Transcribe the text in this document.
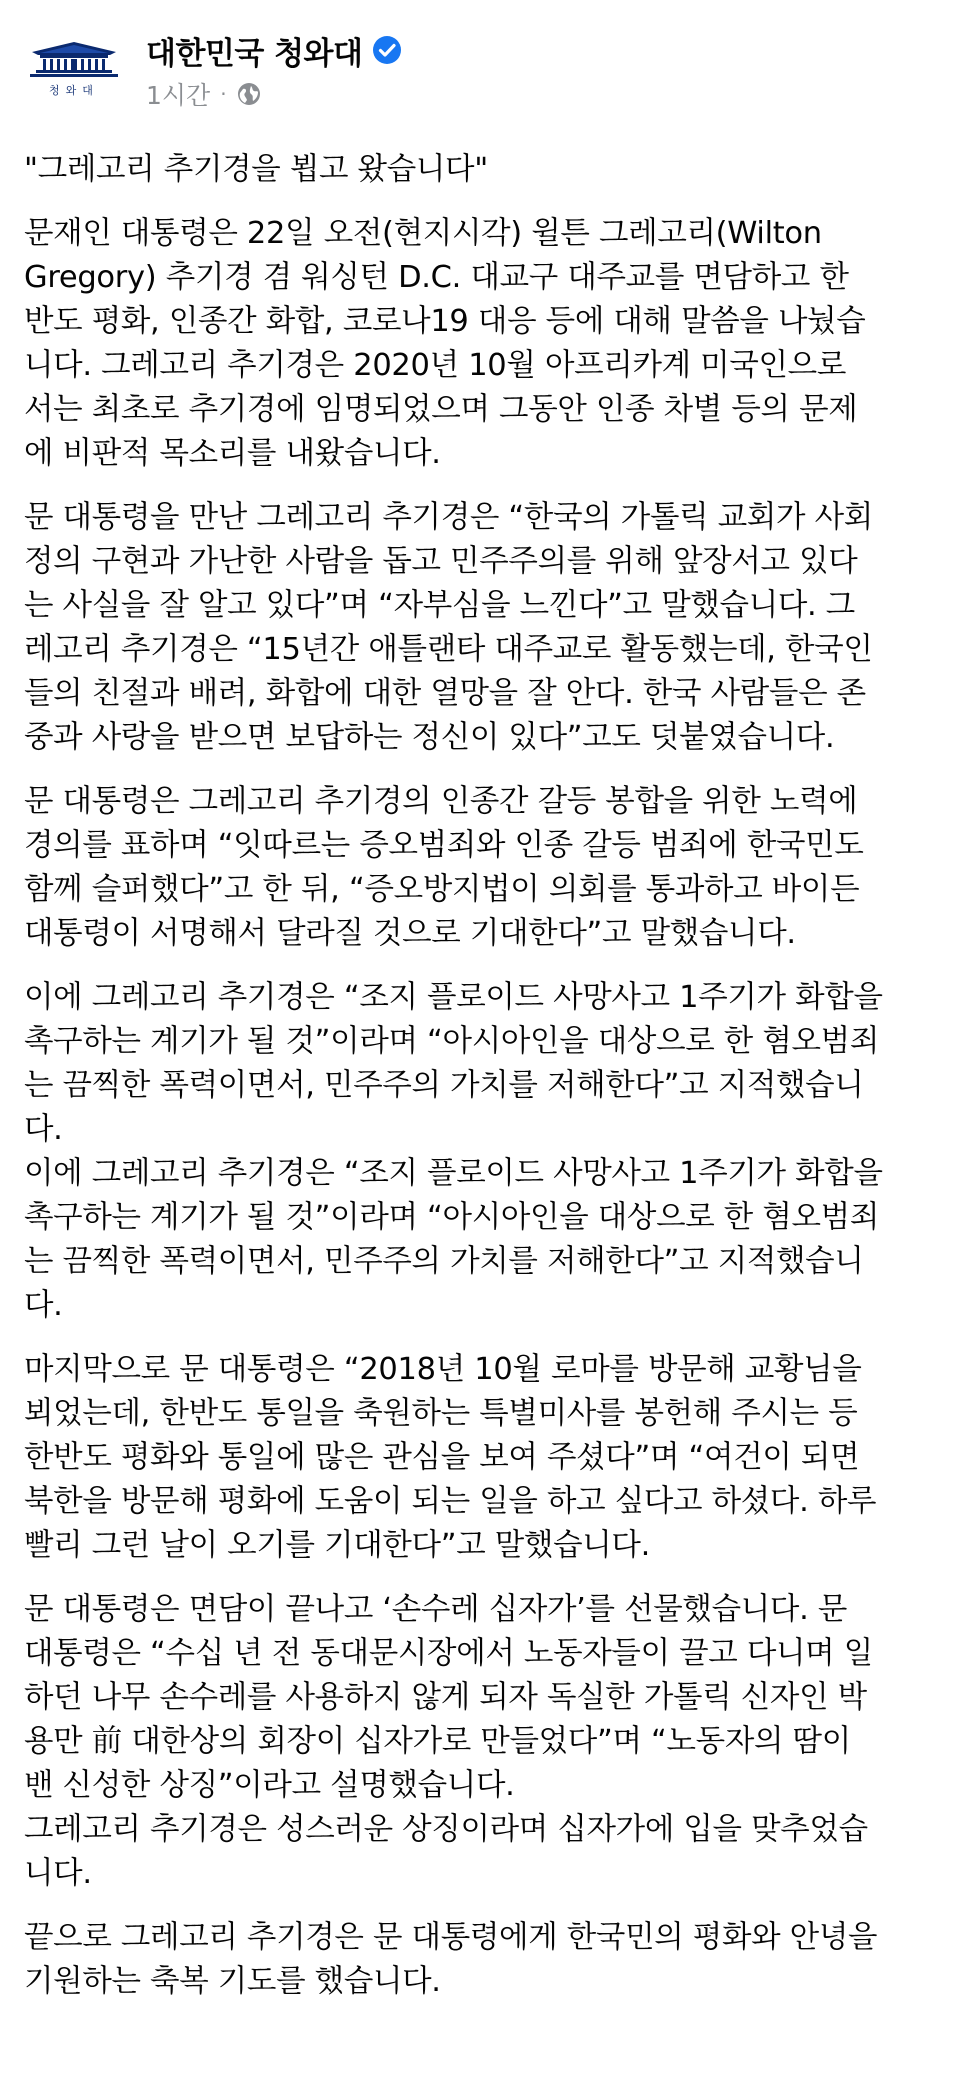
청와대
대한민국 청와대
1시간 ·

"그레고리 추기경을 뵙고 왔습니다"

문재인 대통령은 22일 오전(현지시각) 윌튼 그레고리(Wilton
Gregory) 추기경 겸 워싱턴 D.C. 대교구 대주교를 면담하고 한
반도 평화, 인종간 화합, 코로나19 대응 등에 대해 말씀을 나눴습
니다. 그레고리 추기경은 2020년 10월 아프리카계 미국인으로
서는 최초로 추기경에 임명되었으며 그동안 인종 차별 등의 문제
에 비판적 목소리를 내왔습니다.

문 대통령을 만난 그레고리 추기경은 “한국의 가톨릭 교회가 사회
정의 구현과 가난한 사람을 돕고 민주주의를 위해 앞장서고 있다
는 사실을 잘 알고 있다”며 “자부심을 느낀다”고 말했습니다. 그
레고리 추기경은 “15년간 애틀랜타 대주교로 활동했는데, 한국인
들의 친절과 배려, 화합에 대한 열망을 잘 안다. 한국 사람들은 존
중과 사랑을 받으면 보답하는 정신이 있다”고도 덧붙였습니다.

문 대통령은 그레고리 추기경의 인종간 갈등 봉합을 위한 노력에
경의를 표하며 “잇따르는 증오범죄와 인종 갈등 범죄에 한국민도
함께 슬퍼했다”고 한 뒤, “증오방지법이 의회를 통과하고 바이든
대통령이 서명해서 달라질 것으로 기대한다”고 말했습니다.

이에 그레고리 추기경은 “조지 플로이드 사망사고 1주기가 화합을
촉구하는 계기가 될 것”이라며 “아시아인을 대상으로 한 혐오범죄
는 끔찍한 폭력이면서, 민주주의 가치를 저해한다”고 지적했습니
다.

이에 그레고리 추기경은 “조지 플로이드 사망사고 1주기가 화합을
촉구하는 계기가 될 것”이라며 “아시아인을 대상으로 한 혐오범죄
는 끔찍한 폭력이면서, 민주주의 가치를 저해한다”고 지적했습니
다.

마지막으로 문 대통령은 “2018년 10월 로마를 방문해 교황님을
뵈었는데, 한반도 통일을 축원하는 특별미사를 봉헌해 주시는 등
한반도 평화와 통일에 많은 관심을 보여 주셨다”며 “여건이 되면
북한을 방문해 평화에 도움이 되는 일을 하고 싶다고 하셨다. 하루
빨리 그런 날이 오기를 기대한다”고 말했습니다.

문 대통령은 면담이 끝나고 ‘손수레 십자가’를 선물했습니다. 문
대통령은 “수십 년 전 동대문시장에서 노동자들이 끌고 다니며 일
하던 나무 손수레를 사용하지 않게 되자 독실한 가톨릭 신자인 박
용만 前 대한상의 회장이 십자가로 만들었다”며 “노동자의 땀이
밴 신성한 상징”이라고 설명했습니다.

그레고리 추기경은 성스러운 상징이라며 십자가에 입을 맞추었습
니다.

끝으로 그레고리 추기경은 문 대통령에게 한국민의 평화와 안녕을
기원하는 축복 기도를 했습니다.
